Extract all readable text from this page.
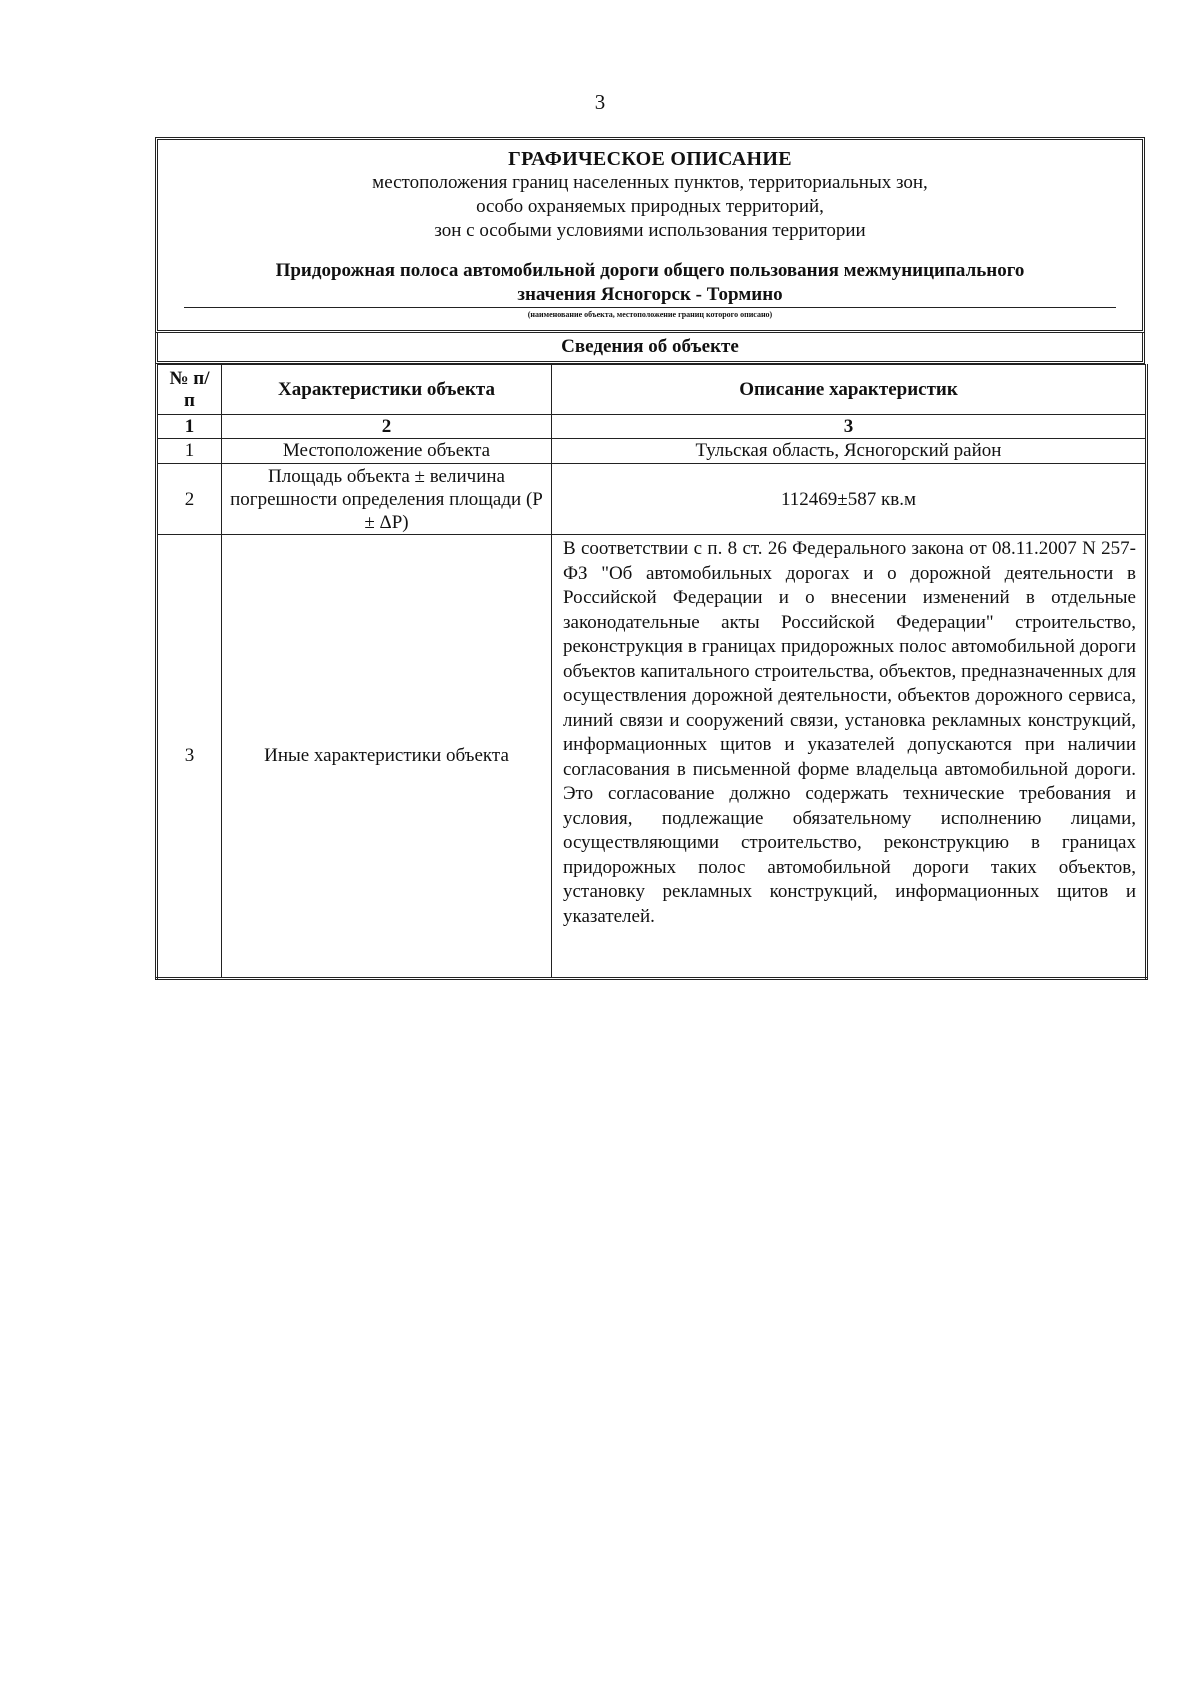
3
ГРАФИЧЕСКОЕ ОПИСАНИЕ
местоположения границ населенных пунктов, территориальных зон,
особо охраняемых природных территорий,
зон с особыми условиями использования территории
Придорожная полоса автомобильной дороги общего пользования межмуниципального
значения Ясногорск - Тормино
(наименование объекта, местоположение границ которого описано)
Сведения об объекте
№ п/п	Характеристики объекта	Описание характеристик
1	2	3
1	Местоположение объекта	Тульская область, Ясногорский район
2	Площадь объекта ± величина погрешности определения площади (P ± ΔP)	112469±587 кв.м
3	Иные характеристики объекта	В соответствии с п. 8 ст. 26 Федерального закона от 08.11.2007 N 257-ФЗ "Об автомобильных дорогах и о дорожной деятельности в Российской Федерации и о внесении изменений в отдельные законодательные акты Российской Федерации" строительство, реконструкция в границах придорожных полос автомобильной дороги объектов капитального строительства, объектов, предназначенных для осуществления дорожной деятельности, объектов дорожного сервиса, линий связи и сооружений связи, установка рекламных конструкций, информационных щитов и указателей допускаются при наличии согласования в письменной форме владельца автомобильной дороги. Это согласование должно содержать технические требования и условия, подлежащие обязательному исполнению лицами, осуществляющими строительство, реконструкцию в границах придорожных полос автомобильной дороги таких объектов, установку рекламных конструкций, информационных щитов и указателей.
